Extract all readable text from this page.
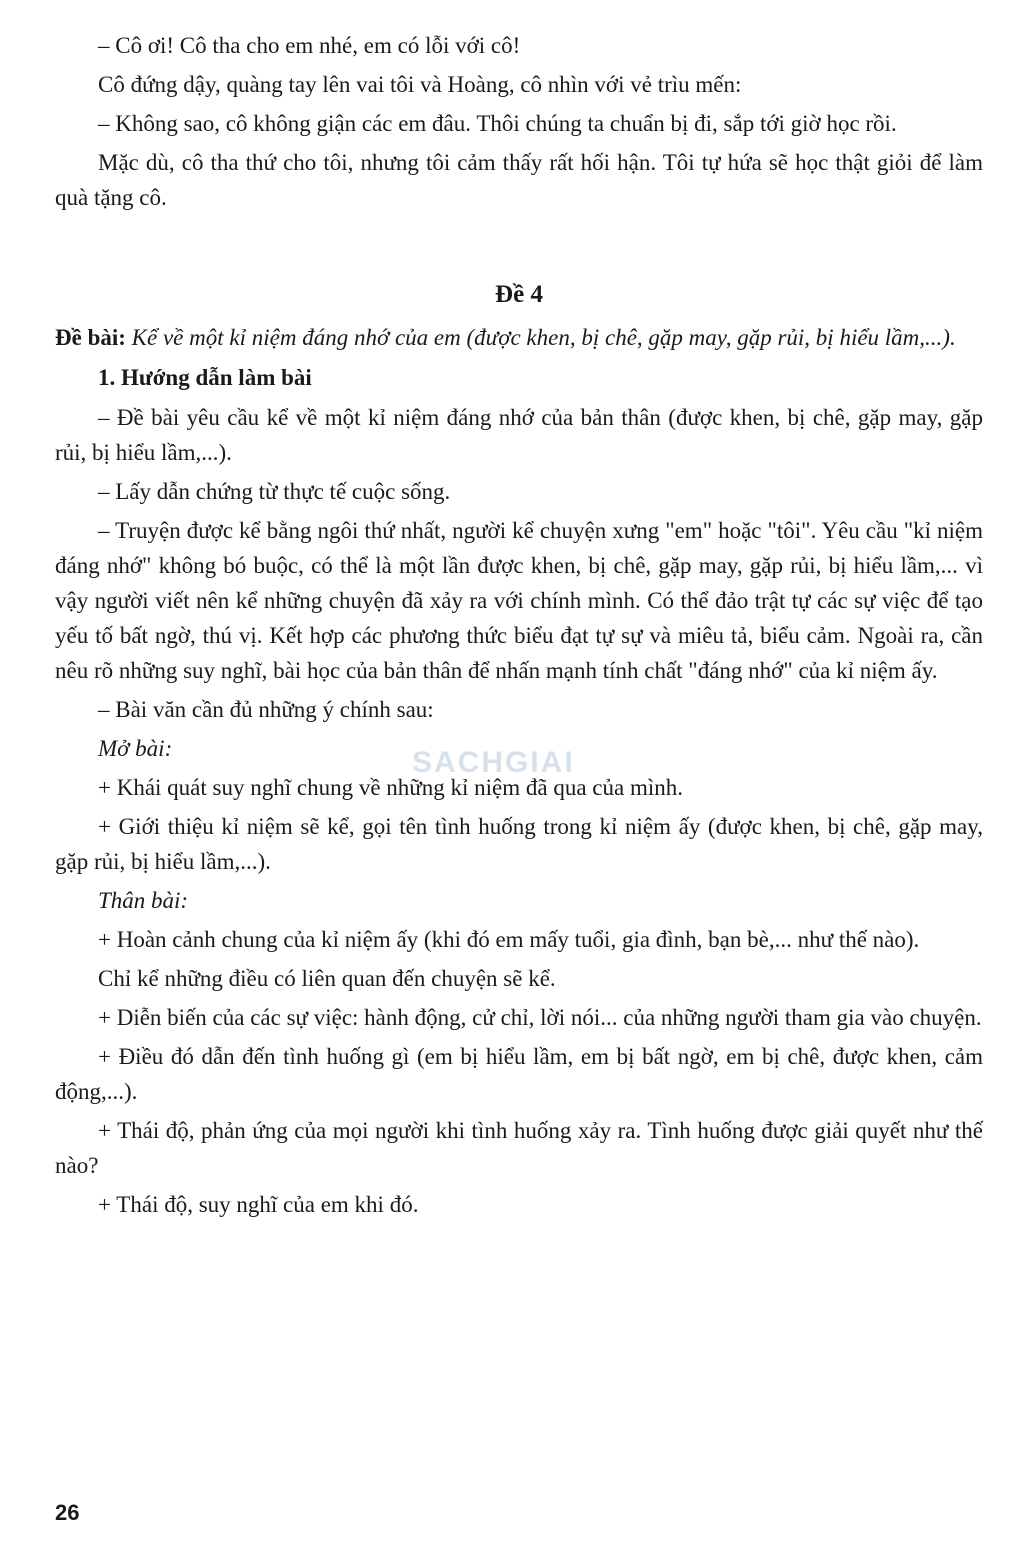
– Cô ơi! Cô tha cho em nhé, em có lỗi với cô!

Cô đứng dậy, quàng tay lên vai tôi và Hoàng, cô nhìn với vẻ trìu mến:

– Không sao, cô không giận các em đâu. Thôi chúng ta chuẩn bị đi, sắp tới giờ học rồi.

Mặc dù, cô tha thứ cho tôi, nhưng tôi cảm thấy rất hối hận. Tôi tự hứa sẽ học thật giỏi để làm quà tặng cô.

Đề 4

Đề bài: Kể về một kỉ niệm đáng nhớ của em (được khen, bị chê, gặp may, gặp rủi, bị hiểu lầm,...).

1. Hướng dẫn làm bài

– Đề bài yêu cầu kể về một kỉ niệm đáng nhớ của bản thân (được khen, bị chê, gặp may, gặp rủi, bị hiểu lầm,...).

– Lấy dẫn chứng từ thực tế cuộc sống.

– Truyện được kể bằng ngôi thứ nhất, người kể chuyện xưng "em" hoặc "tôi". Yêu cầu "kỉ niệm đáng nhớ" không bó buộc, có thể là một lần được khen, bị chê, gặp may, gặp rủi, bị hiểu lầm,... vì vậy người viết nên kể những chuyện đã xảy ra với chính mình. Có thể đảo trật tự các sự việc để tạo yếu tố bất ngờ, thú vị. Kết hợp các phương thức biểu đạt tự sự và miêu tả, biểu cảm. Ngoài ra, cần nêu rõ những suy nghĩ, bài học của bản thân để nhấn mạnh tính chất "đáng nhớ" của kỉ niệm ấy.

– Bài văn cần đủ những ý chính sau:

Mở bài:

+ Khái quát suy nghĩ chung về những kỉ niệm đã qua của mình.

+ Giới thiệu kỉ niệm sẽ kể, gọi tên tình huống trong kỉ niệm ấy (được khen, bị chê, gặp may, gặp rủi, bị hiểu lầm,...).

Thân bài:

+ Hoàn cảnh chung của kỉ niệm ấy (khi đó em mấy tuổi, gia đình, bạn bè,... như thế nào).

Chỉ kể những điều có liên quan đến chuyện sẽ kể.

+ Diễn biến của các sự việc: hành động, cử chỉ, lời nói... của những người tham gia vào chuyện.

+ Điều đó dẫn đến tình huống gì (em bị hiểu lầm, em bị bất ngờ, em bị chê, được khen, cảm động,...).

+ Thái độ, phản ứng của mọi người khi tình huống xảy ra. Tình huống được giải quyết như thế nào?

+ Thái độ, suy nghĩ của em khi đó.

SACHGIAI
26
